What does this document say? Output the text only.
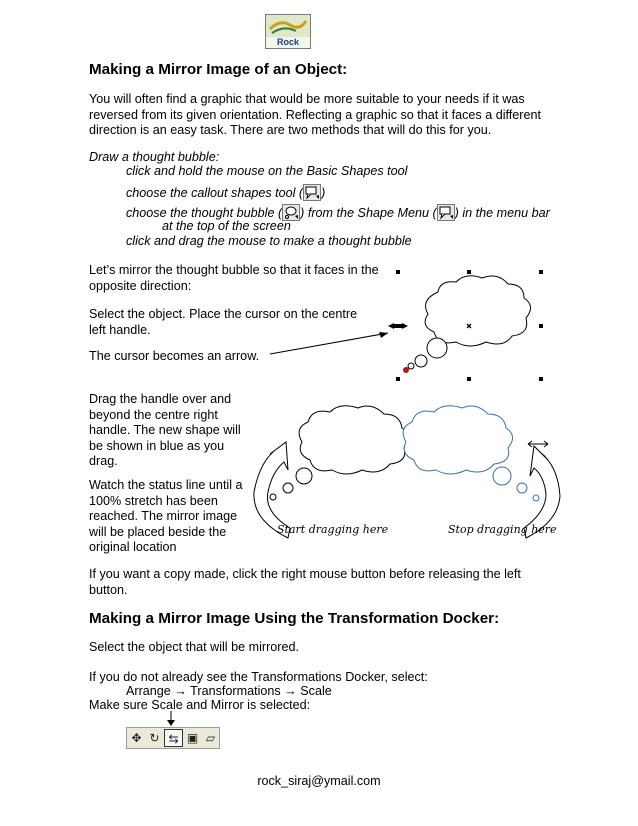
Rock
Making a Mirror Image of an Object:

You will often find a graphic that would be more suitable to your needs if it was

reversed from its given orientation. Reflecting a graphic so that it faces a different

direction is an easy task. There are two methods that will do this for you.

Draw a thought bubble:
click and hold the mouse on the Basic Shapes tool
choose the callout shapes tool ( )
choose the thought bubble ( ) from the Shape Menu ( ) in the menu bar
at the top of the screen
click and drag the mouse to make a thought bubble

Let’s mirror the thought bubble so that it faces in the

opposite direction:

Select the object. Place the cursor on the centre

left handle.

The cursor becomes an arrow.

Drag the handle over and

beyond the centre right

handle. The new shape will

be shown in blue as you

drag.

Watch the status line until a

100% stretch has been

reached. The mirror image

will be placed beside the

original location

Start dragging here	Stop dragging here

If you want a copy made, click the right mouse button before releasing the left

button.

Making a Mirror Image Using the Transformation Docker:
Select the object that will be mirrored.
If you do not already see the Transformations Docker, select:
Arrange → Transformations → Scale
Make sure Scale and Mirror is selected:
✥ ↻ ⇆ ▣ ▱
rock_siraj@ymail.com
